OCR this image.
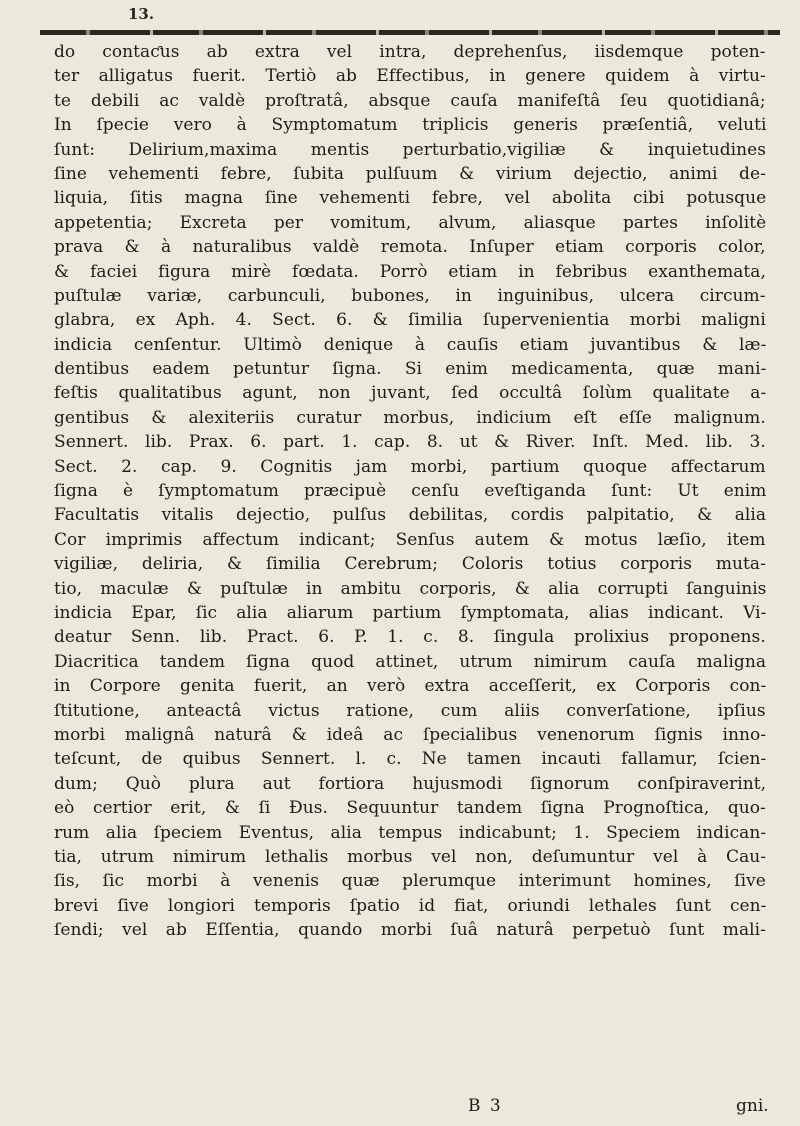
13.
do contaƈus ab extra vel intra, deprehenſus, iisdemque poten-
ter alligatus fuerit. Tertiò ab Effectibus, in genere quidem à virtu-
te debili ac valdè proſtratâ, absque cauſa manifeſtâ ſeu quotidianâ;
In ſpecie vero à Symptomatum triplicis generis præſentiâ, veluti
ſunt: Delirium,maxima mentis perturbatio,vigiliæ & inquietudines
ſine vehementi febre, ſubita pulſuum & virium dejectio, animi de-
liquia, ſitis magna ſine vehementi febre, vel abolita cibi potusque
appetentia; Excreta per vomitum, alvum, aliasque partes inſolitè
prava & à naturalibus valdè remota. Inſuper etiam corporis color,
& faciei figura mirè fœdata. Porrò etiam in febribus exanthemata,
puſtulæ variæ, carbunculi, bubones, in inguinibus, ulcera circum-
glabra, ex Aph. 4. Sect. 6. & ſimilia ſupervenientia morbi maligni
indicia cenſentur. Ultimò denique à cauſis etiam juvantibus & læ-
dentibus eadem petuntur ſigna. Si enim medicamenta, quæ mani-
feſtis qualitatibus agunt, non juvant, ſed occultâ ſolùm qualitate a-
gentibus & alexiteriis curatur morbus, indicium eſt eſſe malignum.
Sennert. lib. Prax. 6. part. 1. cap. 8. ut & River. Inſt. Med. lib. 3.
Sect. 2. cap. 9. Cognitis jam morbi, partium quoque affectarum
ſigna è ſymptomatum præcipuè cenſu eveſtiganda ſunt: Ut enim
Facultatis vitalis dejectio, pulſus debilitas, cordis palpitatio, & alia
Cor imprimis affectum indicant; Senſus autem & motus læſio, item
vigiliæ, deliria, & ſimilia Cerebrum; Coloris totius corporis muta-
tio, maculæ & puſtulæ in ambitu corporis, & alia corrupti ſanguinis
indicia Epar, ſic alia aliarum partium ſymptomata, alias indicant. Vi-
deatur Senn. lib. Pract. 6. P. 1. c. 8. ſingula prolixius proponens.
Diacritica tandem ſigna quod attinet, utrum nimirum cauſa maligna
in Corpore genita fuerit, an verò extra acceſſerit, ex Corporis con-
ſtitutione, anteactâ victus ratione, cum aliis converſatione, ipſius
morbi malignâ naturâ & ideâ ac ſpecialibus venenorum ſignis inno-
teſcunt, de quibus Sennert. l. c. Ne tamen incauti fallamur, ſcien-
dum; Quò plura aut fortiora hujusmodi ſignorum conſpiraverint,
eò certior erit, & ſi Ɖus. Sequuntur tandem ſigna Prognoſtica, quo-
rum alia ſpeciem Eventus, alia tempus indicabunt; 1. Speciem indican-
tia, utrum nimirum lethalis morbus vel non, deſumuntur vel à Cau-
ſis, ſic morbi à venenis quæ plerumque interimunt homines, ſive
brevi ſive longiori temporis ſpatio id fiat, oriundi lethales ſunt cen-
ſendi; vel ab Eſſentia, quando morbi ſuâ naturâ perpetuò ſunt mali-
B 3	gni.
